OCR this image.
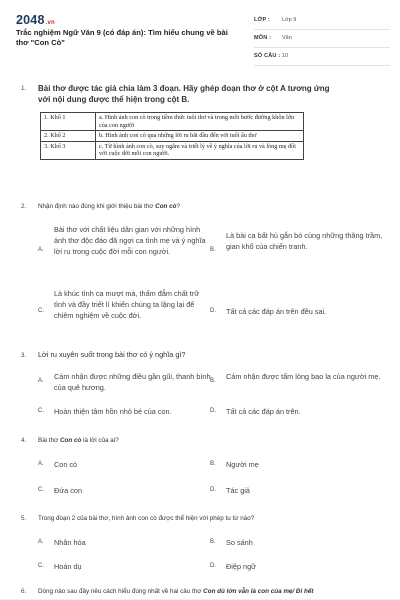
2048.vn
Trắc nghiệm Ngữ Văn 9 (có đáp án): Tìm hiểu chung về bài thơ "Con Cò"
LỚP : Lớp 9
MÔN : Văn
SỐ CÂU : 10
1. Bài thơ được tác giả chia làm 3 đoạn. Hãy ghép đoạn thơ ở cột A tương ứng với nội dung được thể hiện trong cột B.
1. Khổ 1	a. Hình ảnh con cò trong tiềm thức tuổi thơ và trong mỗi bước đường khôn lớn của con người
2. Khổ 2	b. Hình ảnh con cò qua những lời ru bắt đầu đến với tuổi ấu thơ
3. Khổ 3	c. Từ hình ảnh con cò, suy ngẫm và triết lý về ý nghĩa của lời ru và lòng mẹ đối với cuộc đời mỗi con người.
2. Nhận định nào đúng khi giới thiệu bài thơ Con cò?
A.
Bài thơ với chất liệu dân gian với những hình ảnh thơ độc đáo đã ngợi ca tình mẹ và ý nghĩa lời ru trong cuộc đời mỗi con người.	B.
Là bài ca bất hủ gắn bó cùng những thăng trầm, gian khổ của chiến tranh.
C.
Là khúc tình ca mượt mà, thấm đẫm chất trữ tình và đầy triết lí khiến chúng ta lặng lại để chiêm nghiệm về cuộc đời.	D. Tất cả các đáp án trên đều sai.
3. Lời ru xuyên suốt trong bài thơ có ý nghĩa gì?
A. Cảm nhận được những điều gần gũi, thanh bình của quê hương.
B. Cảm nhận được tấm lòng bao la của người mẹ.
C. Hoàn thiện tâm hồn nhỏ bé của con.	D. Tất cả các đáp án trên.
4. Bài thơ Con cò là lời của ai?
A. Con cò	B. Người mẹ
C. Đứa con	D. Tác giả
5. Trong đoạn 2 của bài thơ, hình ảnh con cò được thể hiện với phép tu từ nào?
A. Nhân hóa	B. So sánh
C. Hoán dụ	D. Điệp ngữ
6. Dòng nào sau đây nêu cách hiểu đúng nhất về hai câu thơ Con dù lớn vẫn là con của mẹ/ Đi hết
